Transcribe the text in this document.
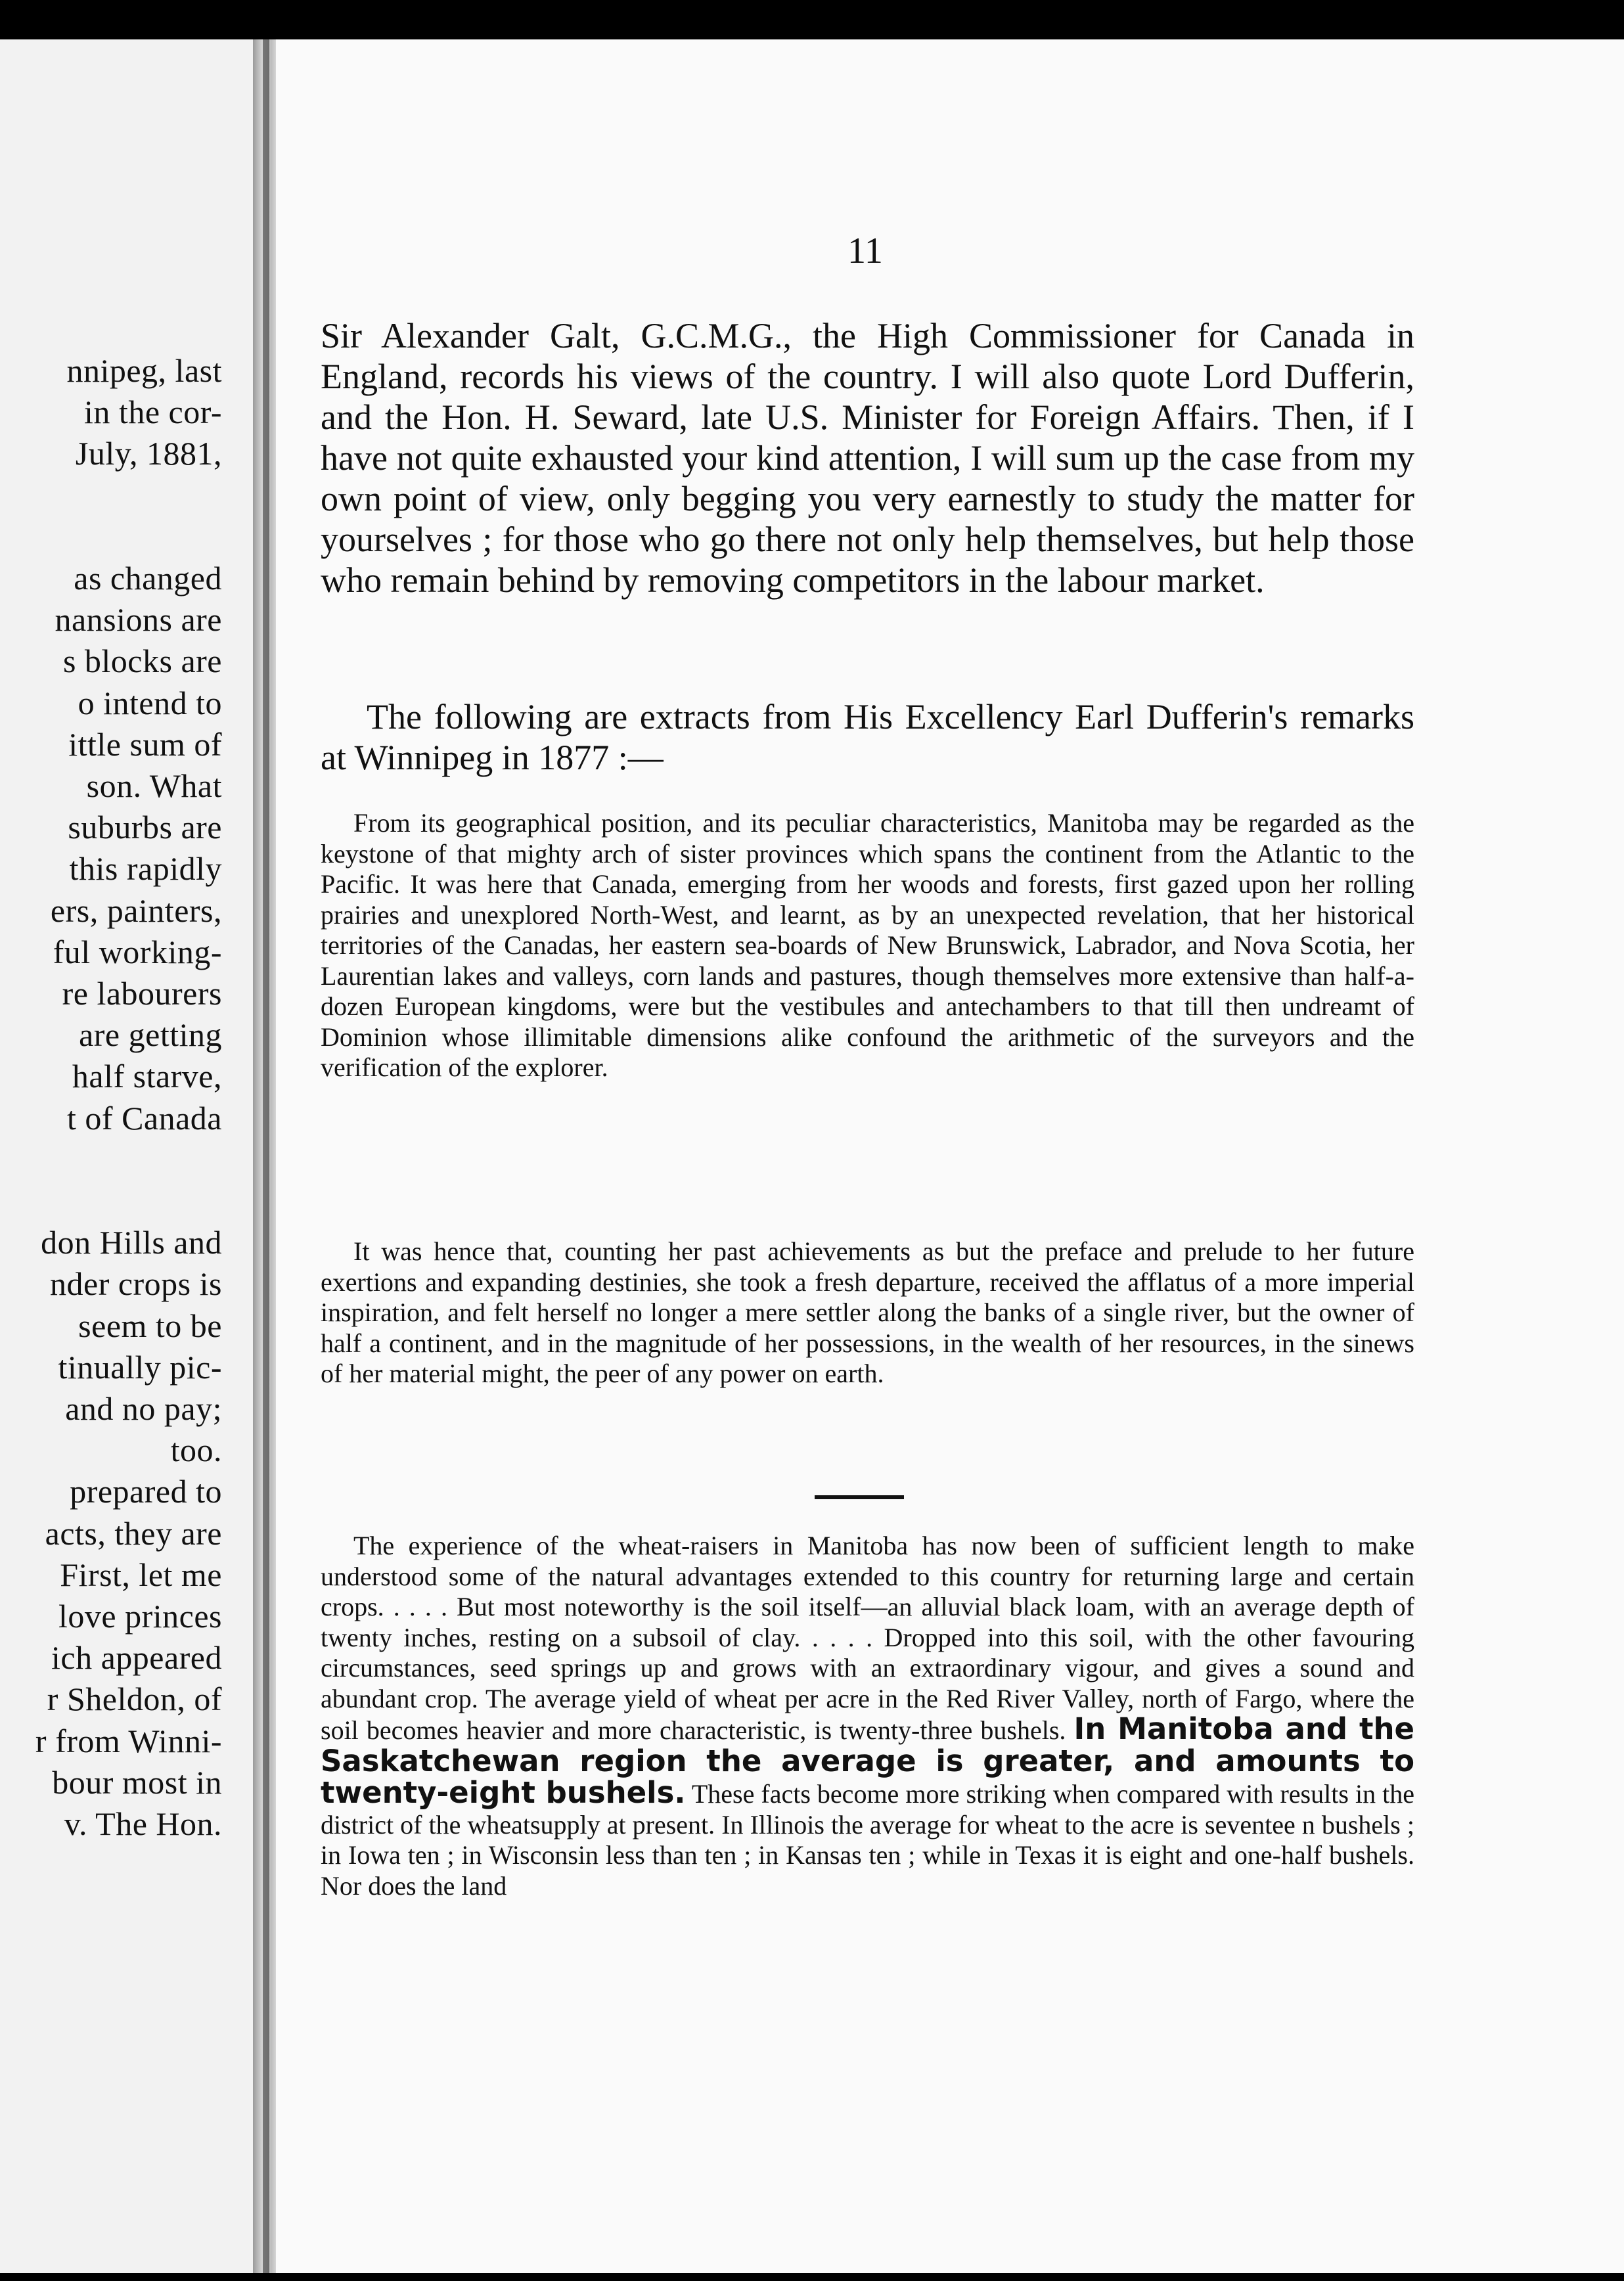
nnipeg, last
in the cor-
July, 1881,
as changed
nansions are
s blocks are
o intend to
ittle sum of
son. What
suburbs are
this rapidly
ers, painters,
ful working-
re labourers
are getting
half starve,
t of Canada
don Hills and
nder crops is
seem to be
tinually pic-
and no pay;
too.
prepared to
acts, they are
First, let me
love princes
ich appeared
r Sheldon, of
r from Winni-
bour most in
v. The Hon.
11

Sir Alexander Galt, G.C.M.G., the High Commissioner for Canada in England, records his views of the country. I will also quote Lord Dufferin, and the Hon. H. Seward, late U.S. Minister for Foreign Affairs. Then, if I have not quite exhausted your kind attention, I will sum up the case from my own point of view, only begging you very earnestly to study the matter for yourselves ; for those who go there not only help themselves, but help those who remain behind by removing competitors in the labour market.

The following are extracts from His Excellency Earl Dufferin's remarks at Winnipeg in 1877 :—

From its geographical position, and its peculiar characteristics, Manitoba may be regarded as the keystone of that mighty arch of sister provinces which spans the continent from the Atlantic to the Pacific. It was here that Canada, emerging from her woods and forests, first gazed upon her rolling prairies and unexplored North-West, and learnt, as by an unexpected revelation, that her historical territories of the Canadas, her eastern sea-boards of New Brunswick, Labrador, and Nova Scotia, her Laurentian lakes and valleys, corn lands and pastures, though themselves more extensive than half-a-dozen European kingdoms, were but the vestibules and antechambers to that till then undreamt of Dominion whose illimitable dimensions alike confound the arithmetic of the surveyors and the verification of the explorer.

It was hence that, counting her past achievements as but the preface and prelude to her future exertions and expanding destinies, she took a fresh departure, received the afflatus of a more imperial inspiration, and felt herself no longer a mere settler along the banks of a single river, but the owner of half a continent, and in the magnitude of her possessions, in the wealth of her resources, in the sinews of her material might, the peer of any power on earth.

The experience of the wheat-raisers in Manitoba has now been of sufficient length to make understood some of the natural advantages extended to this country for returning large and certain crops. . . . . But most noteworthy is the soil itself—an alluvial black loam, with an average depth of twenty inches, resting on a subsoil of clay. . . . . Dropped into this soil, with the other favouring circumstances, seed springs up and grows with an extraordinary vigour, and gives a sound and abundant crop. The average yield of wheat per acre in the Red River Valley, north of Fargo, where the soil becomes heavier and more characteristic, is twenty-three bushels. In Manitoba and the Saskatchewan region the average is greater, and amounts to twenty-eight bushels. These facts become more striking when compared with results in the district of the wheatsupply at present. In Illinois the average for wheat to the acre is seventee n bushels ; in Iowa ten ; in Wisconsin less than ten ; in Kansas ten ; while in Texas it is eight and one-half bushels. Nor does the land
